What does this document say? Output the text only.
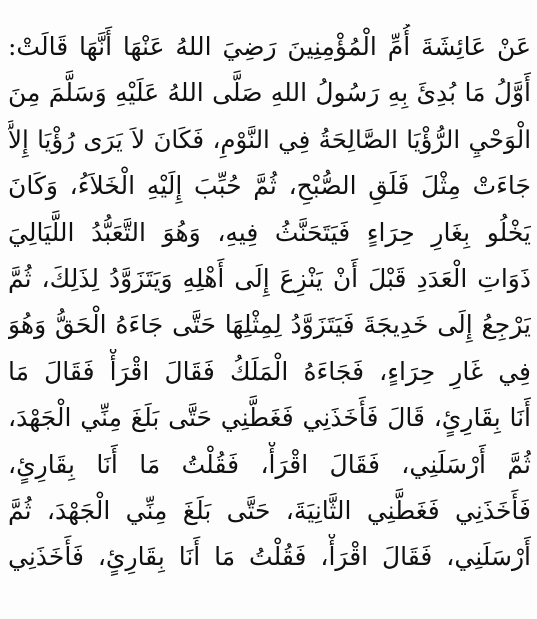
عَنْ عَائِشَةَ أُمِّ الْمُؤْمِنِينَ رَضِيَ اللهُ عَنْهَا أَنَّهَا قَالَتْ:
أَوَّلُ مَا بُدِئَ بِهِ رَسُولُ اللهِ صَلَّى اللهُ عَلَيْهِ وَسَلَّمَ مِنَ
الْوَحْيِ الرُّؤْيَا الصَّالِحَةُ فِي النَّوْمِ، فَكَانَ لاَ يَرَى رُؤْيَا إِلاَّ
جَاءَتْ مِثْلَ فَلَقِ الصُّبْحِ، ثُمَّ حُبِّبَ إِلَيْهِ الْخَلاَءُ، وَكَانَ
يَخْلُو بِغَارِ حِرَاءٍ فَيَتَحَنَّثُ فِيهِ، وَهُوَ التَّعَبُّدُ اللَّيَالِيَ
ذَوَاتِ الْعَدَدِ قَبْلَ أَنْ يَنْزِعَ إِلَى أَهْلِهِ وَيَتَزَوَّدُ لِذَلِكَ، ثُمَّ
يَرْجِعُ إِلَى خَدِيجَةَ فَيَتَزَوَّدُ لِمِثْلِهَا حَتَّى جَاءَهُ الْحَقُّ وَهُوَ
فِي غَارِ حِرَاءٍ، فَجَاءَهُ الْمَلَكُ فَقَالَ اقْرَأْ فَقَالَ مَا
أَنَا بِقَارِئٍ، قَالَ فَأَخَذَنِي فَغَطَّنِي حَتَّى بَلَغَ مِنِّي الْجَهْدَ،
ثُمَّ أَرْسَلَنِي، فَقَالَ اقْرَأْ، فَقُلْتُ مَا أَنَا بِقَارِئٍ،
فَأَخَذَنِي فَغَطَّنِي الثَّانِيَةَ، حَتَّى بَلَغَ مِنِّي الْجَهْدَ، ثُمَّ
أَرْسَلَنِي، فَقَالَ اقْرَأْ، فَقُلْتُ مَا أَنَا بِقَارِئٍ، فَأَخَذَنِي
